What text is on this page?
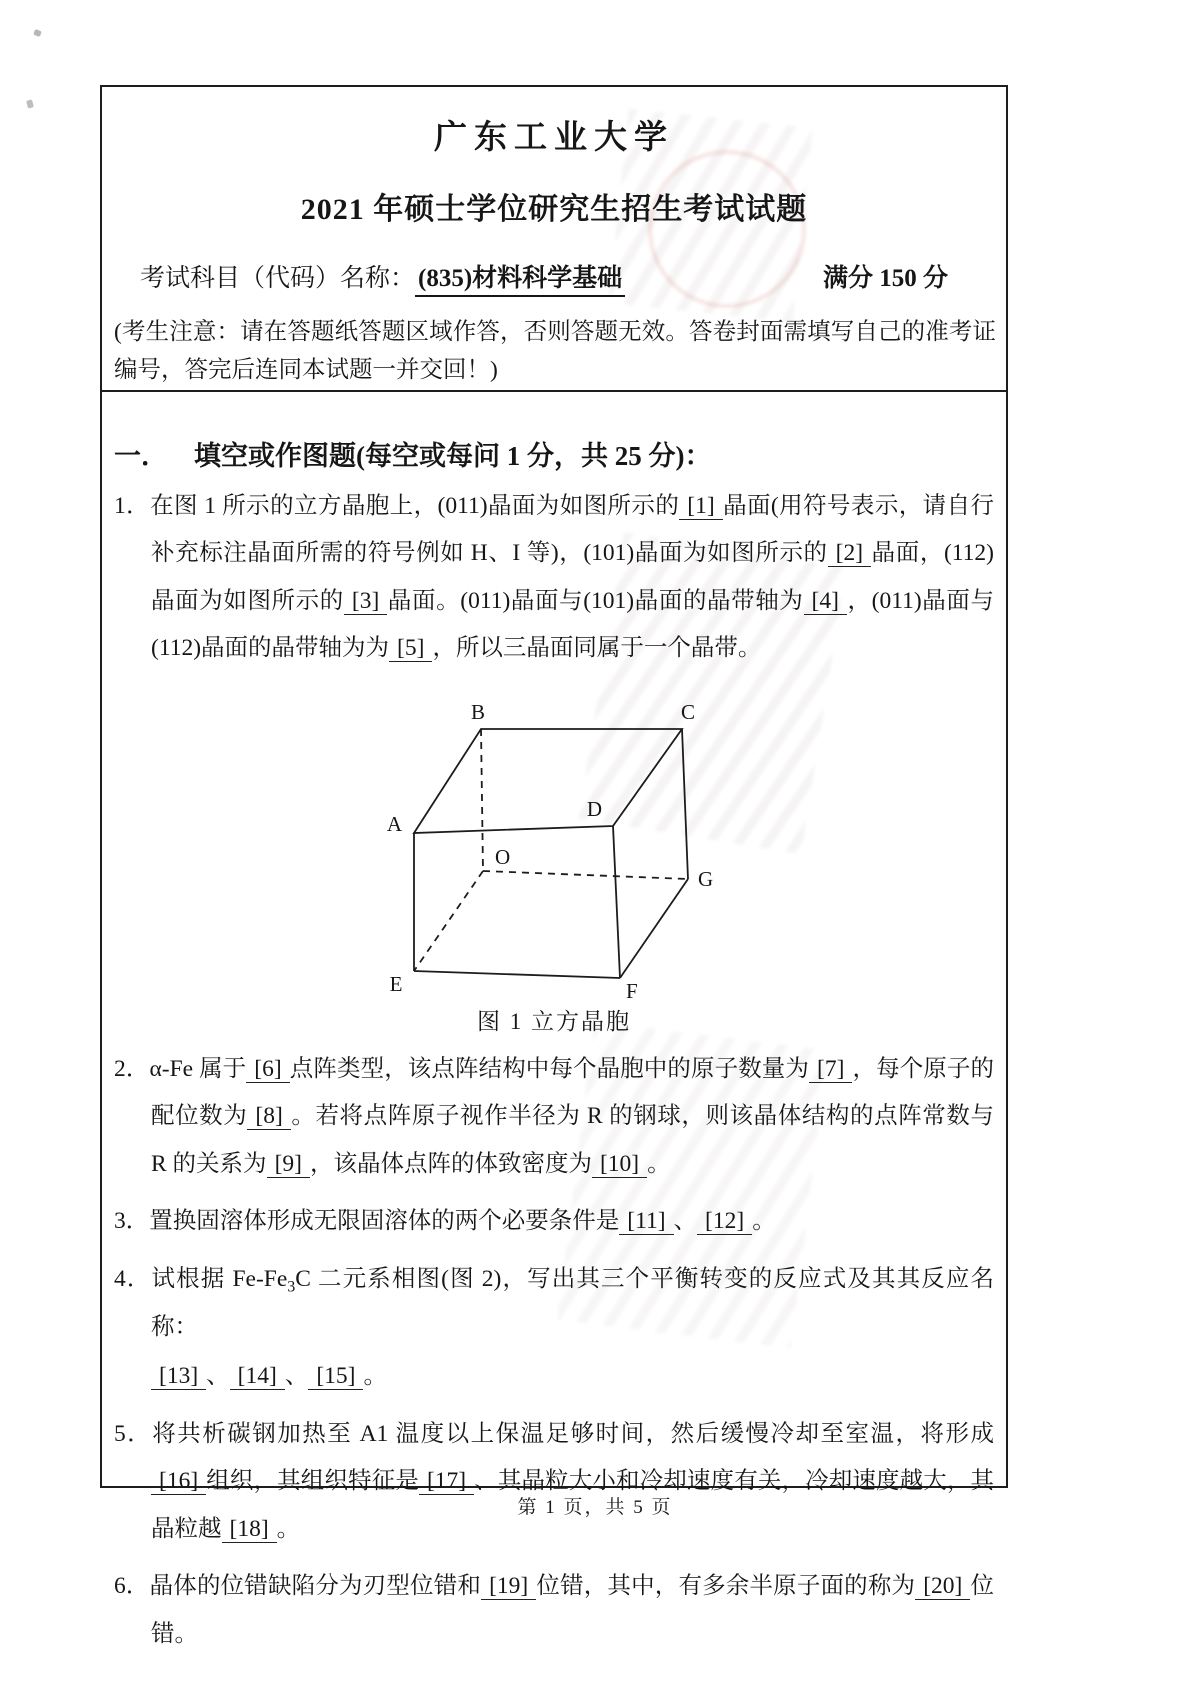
广东工业大学
2021 年硕士学位研究生招生考试试题
考试科目（代码）名称： (835)材料科学基础	满分 150 分
(考生注意：请在答题纸答题区域作答，否则答题无效。答卷封面需填写自己的准考证编号，答完后连同本试题一并交回！)
一． 填空或作图题(每空或每问 1 分，共 25 分)：

1．在图 1 所示的立方晶胞上，(011)晶面为如图所示的 [1] 晶面(用符号表示，请自行补充标注晶面所需的符号例如 H、I 等)，(101)晶面为如图所示的 [2] 晶面，(112)晶面为如图所示的 [3] 晶面。(011)晶面与(101)晶面的晶带轴为 [4] ，(011)晶面与(112)晶面的晶带轴为为 [5] ，所以三晶面同属于一个晶带。

A
B	C
D
O
G
E	F
图 1 立方晶胞

2．α-Fe 属于 [6] 点阵类型，该点阵结构中每个晶胞中的原子数量为 [7] ，每个原子的配位数为 [8] 。若将点阵原子视作半径为 R 的钢球，则该晶体结构的点阵常数与 R 的关系为 [9] ，该晶体点阵的体致密度为 [10] 。

3．置换固溶体形成无限固溶体的两个必要条件是 [11] 、 [12] 。

4．试根据 $Fe-Fe_3C$ 二元系相图(图 2)，写出其三个平衡转变的反应式及其其反应名称：

[13] 、 [14] 、 [15] 。

5．将共析碳钢加热至 A1 温度以上保温足够时间，然后缓慢冷却至室温，将形成[16] 组织，其组织特征是 [17] 、其晶粒大小和冷却速度有关，冷却速度越大，其晶粒越 [18] 。

6．晶体的位错缺陷分为刃型位错和 [19] 位错，其中，有多余半原子面的称为 [20] 位错。

第 1 页，共 5 页
